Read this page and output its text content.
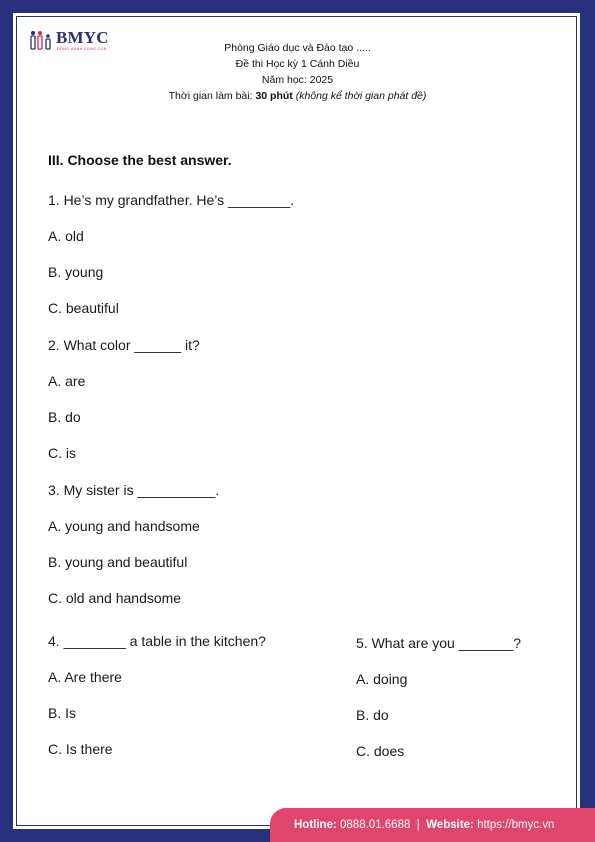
BMYC
ĐỒNG HÀNH CÙNG CON	Phòng Giáo dục và Đào tạo .....
Đề thi Học kỳ 1 Cánh Diều
Năm học: 2025
Thời gian làm bài: 30 phút (không kể thời gian phát đề)
III. Choose the best answer.
1. He’s my grandfather. He’s ________.
A. old
B. young
C. beautiful
2. What color ______ it?
A. are
B. do
C. is
3. My sister is __________.
A. young and handsome
B. young and beautiful
C. old and handsome
4. ________ a table in the kitchen?
A. Are there
B. Is
C. Is there
5. What are you _______?
A. doing
B. do
C. does
Hotline: 0888.01.6688 | Website: https://bmyc.vn
